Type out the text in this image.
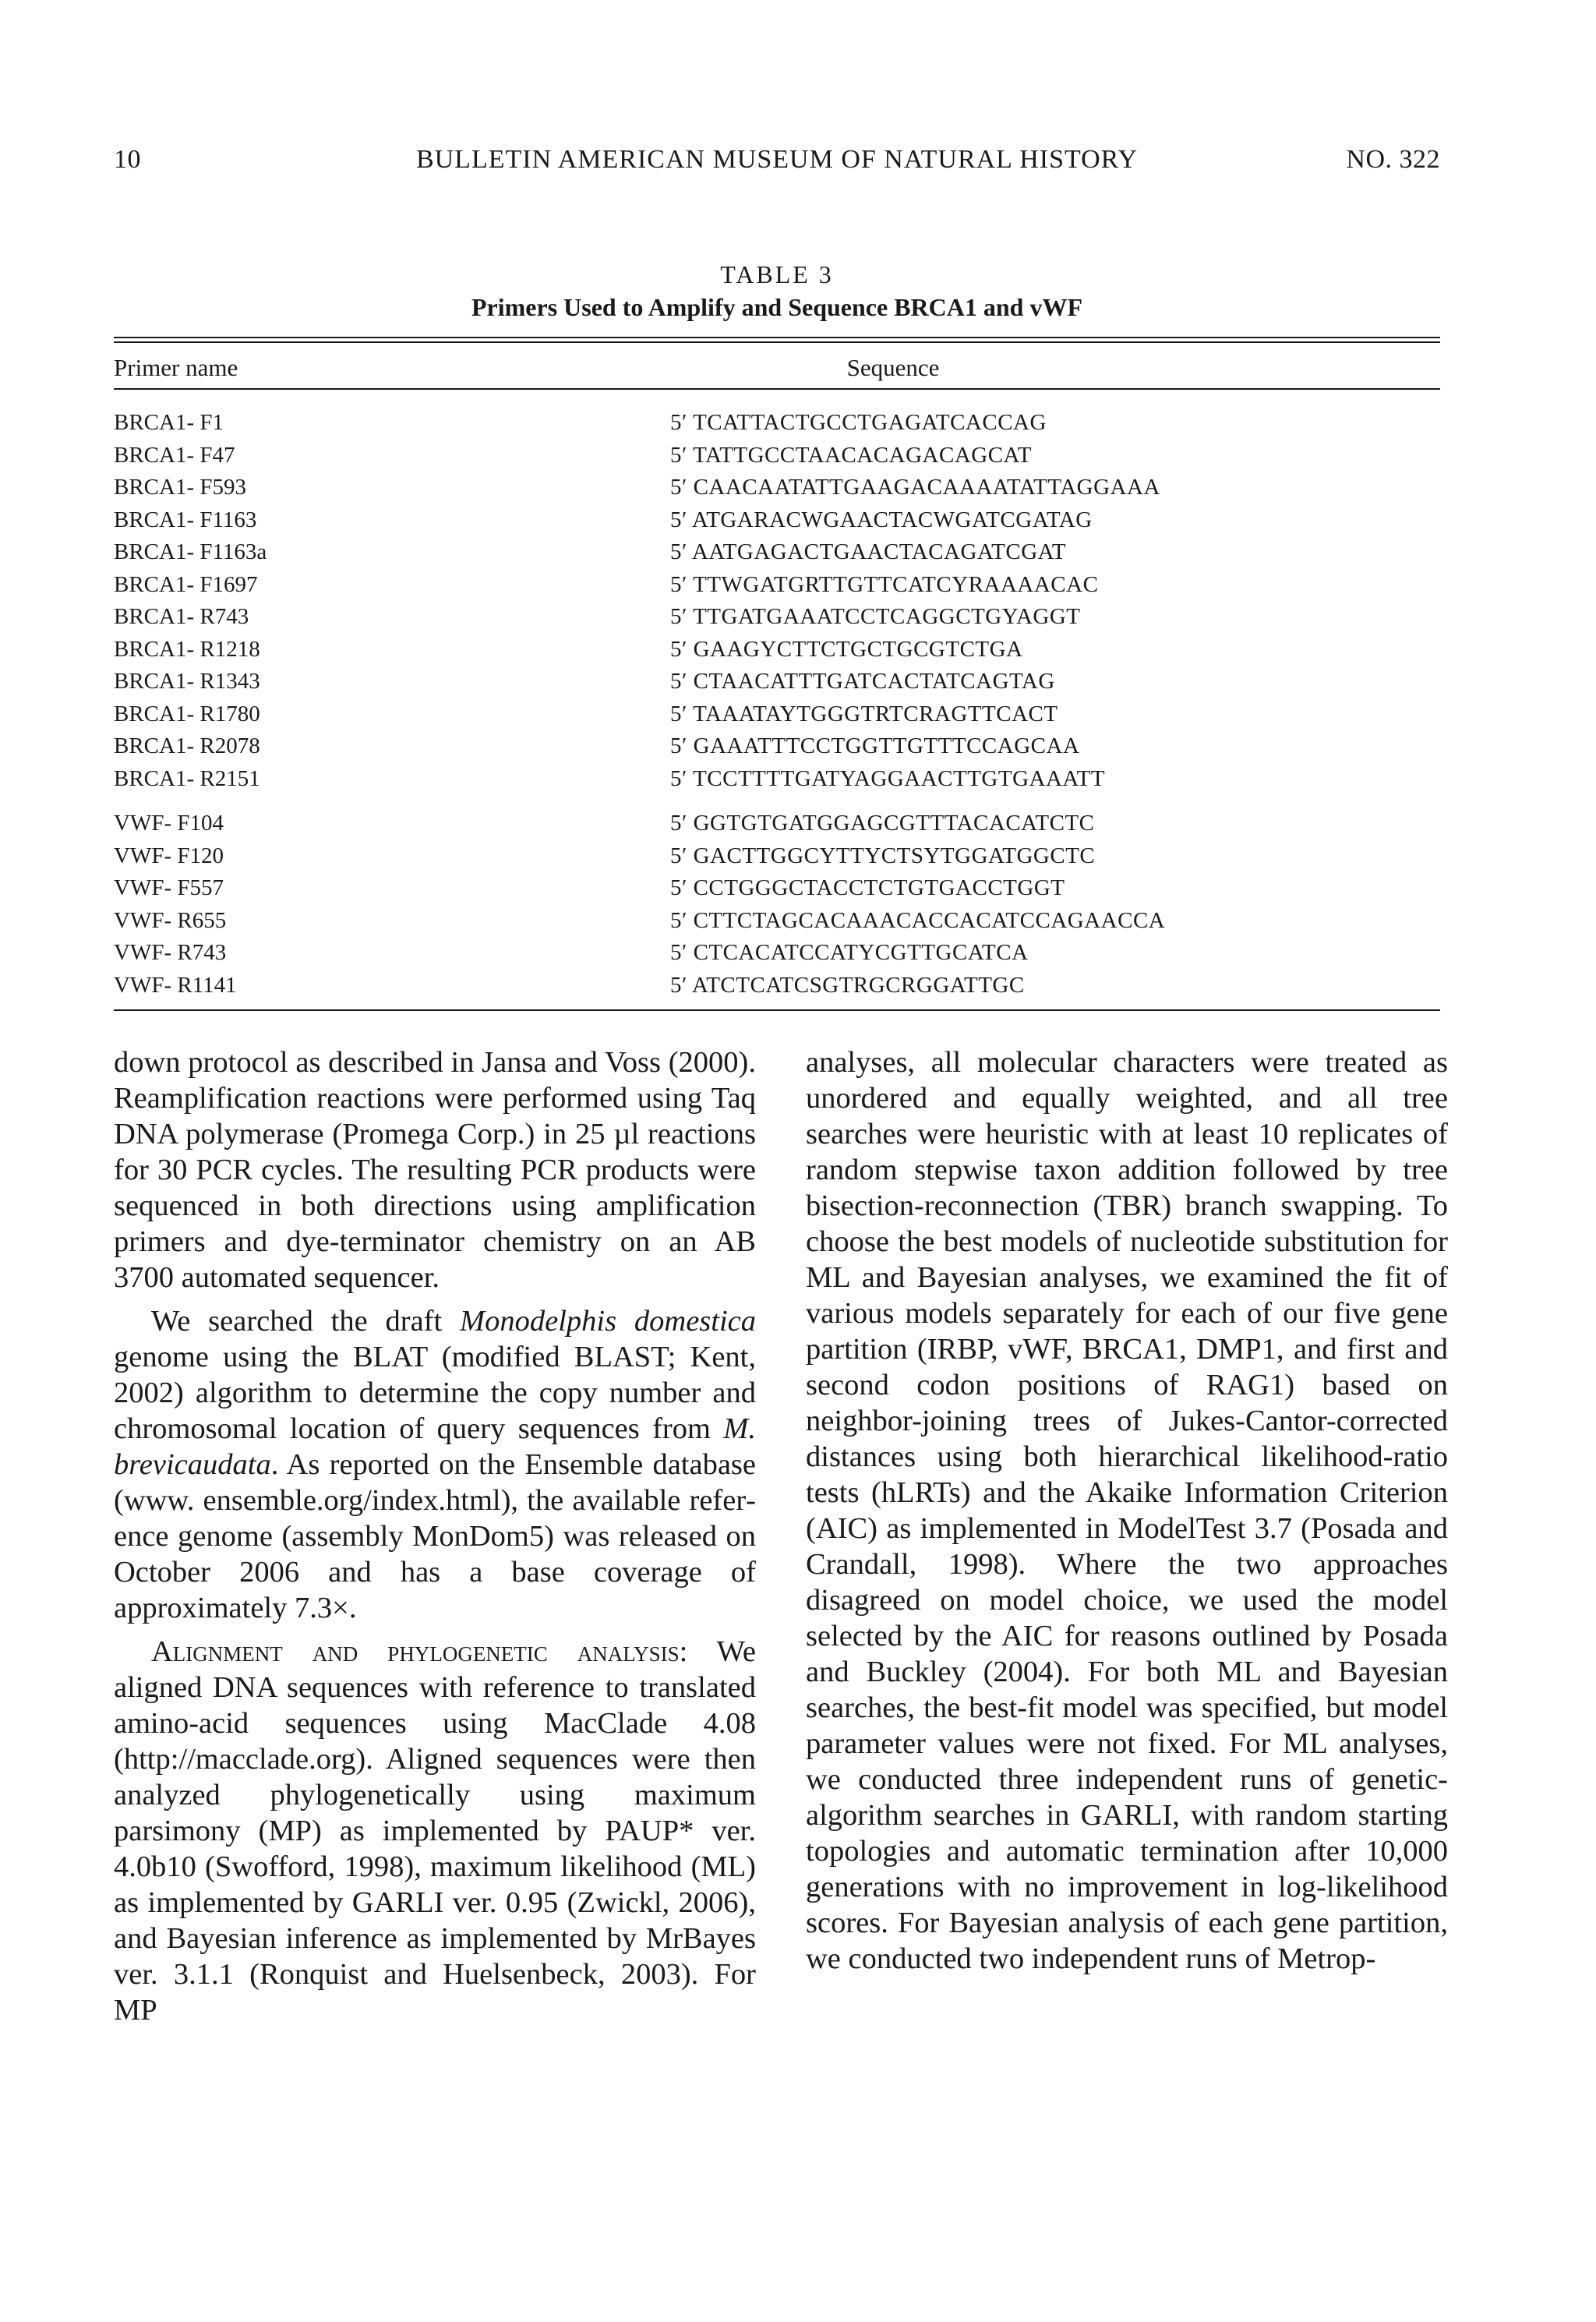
10	BULLETIN AMERICAN MUSEUM OF NATURAL HISTORY	NO. 322
TABLE 3
Primers Used to Amplify and Sequence BRCA1 and vWF
Primer name	Sequence
BRCA1- F1	5′ TCATTACTGCCTGAGATCACCAG
BRCA1- F47	5′ TATTGCCTAACACAGACAGCAT
BRCA1- F593	5′ CAACAATATTGAAGACAAAATATTAGGAAA
BRCA1- F1163	5′ ATGARACWGAACTACWGATCGATAG
BRCA1- F1163a	5′ AATGAGACTGAACTACAGATCGAT
BRCA1- F1697	5′ TTWGATGRTTGTTCATCYRAAAACAC
BRCA1- R743	5′ TTGATGAAATCCTCAGGCTGYAGGT
BRCA1- R1218	5′ GAAGYCTTCTGCTGCGTCTGA
BRCA1- R1343	5′ CTAACATTTGATCACTATCAGTAG
BRCA1- R1780	5′ TAAATAYTGGGTRTCRAGTTCACT
BRCA1- R2078	5′ GAAATTTCCTGGTTGTTTCCAGCAA
BRCA1- R2151	5′ TCCTTTTGATYAGGAACTTGTGAAATT
VWF- F104	5′ GGTGTGATGGAGCGTTTACACATCTC
VWF- F120	5′ GACTTGGCYTTYCTSYTGGATGGCTC
VWF- F557	5′ CCTGGGCTACCTCTGTGACCTGGT
VWF- R655	5′ CTTCTAGCACAAACACCACATCCAGAACCA
VWF- R743	5′ CTCACATCCATYCGTTGCATCA
VWF- R1141	5′ ATCTCATCSGTRGCRGGATTGC

down protocol as described in Jansa and Voss (2000). Reamplification reactions were performed using Taq DNA polymerase (Promega Corp.) in 25 µl reactions for 30 PCR cycles. The resulting PCR products were sequenced in both directions using amplification primers and dye-terminator chemistry on an AB 3700 automated sequencer.

We searched the draft Monodelphis domestica genome using the BLAT (modified BLAST; Kent, 2002) algorithm to determine the copy number and chromosomal location of query sequences from M. brevicaudata. As reported on the Ensemble database (www. ensemble.org/index.html), the available reference genome (assembly MonDom5) was released on October 2006 and has a base coverage of approximately 7.3×.

Alignment and phylogenetic analysis: We aligned DNA sequences with reference to translated amino-acid sequences using MacClade 4.08 (http://macclade.org). Aligned sequences were then analyzed phylogenetically using maximum parsimony (MP) as implemented by PAUP* ver. 4.0b10 (Swofford, 1998), maximum likelihood (ML) as implemented by GARLI ver. 0.95 (Zwickl, 2006), and Bayesian inference as implemented by MrBayes ver. 3.1.1 (Ronquist and Huelsenbeck, 2003). For MP

analyses, all molecular characters were treated as unordered and equally weighted, and all tree searches were heuristic with at least 10 replicates of random stepwise taxon addition followed by tree bisection-reconnection (TBR) branch swapping. To choose the best models of nucleotide substitution for ML and Bayesian analyses, we examined the fit of various models separately for each of our five gene partition (IRBP, vWF, BRCA1, DMP1, and first and second codon positions of RAG1) based on neighbor-joining trees of Jukes-Cantor-corrected distances using both hierarchical likelihood-ratio tests (hLRTs) and the Akaike Information Criterion (AIC) as implemented in ModelTest 3.7 (Posada and Crandall, 1998). Where the two approaches disagreed on model choice, we used the model selected by the AIC for reasons outlined by Posada and Buckley (2004). For both ML and Bayesian searches, the best-fit model was specified, but model parameter values were not fixed. For ML analyses, we conducted three independent runs of genetic-algorithm searches in GARLI, with random starting topologies and automatic termination after 10,000 generations with no improvement in log-likelihood scores. For Bayesian analysis of each gene partition, we conducted two independent runs of Metrop-
